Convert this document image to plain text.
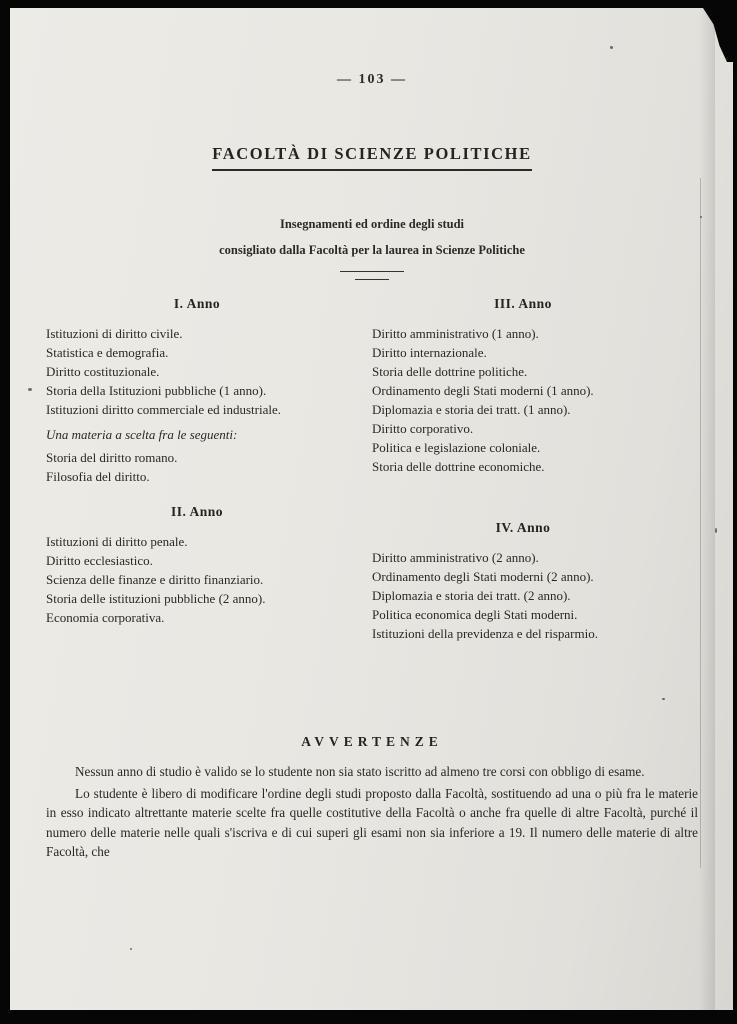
— 103 —
FACOLTÀ DI SCIENZE POLITICHE
Insegnamenti ed ordine degli studi
consigliato dalla Facoltà per la laurea in Scienze Politiche
I. Anno

Istituzioni di diritto civile.

Statistica e demografia.

Diritto costituzionale.

Storia della Istituzioni pubbliche (1 anno).

Istituzioni diritto commerciale ed industriale.

Una materia a scelta fra le seguenti:

Storia del diritto romano.

Filosofia del diritto.

II. Anno

Istituzioni di diritto penale.

Diritto ecclesiastico.

Scienza delle finanze e diritto finanziario.

Storia delle istituzioni pubbliche (2 anno).

Economia corporativa.

III. Anno

Diritto amministrativo (1 anno).

Diritto internazionale.

Storia delle dottrine politiche.

Ordinamento degli Stati moderni (1 anno).

Diplomazia e storia dei tratt. (1 anno).

Diritto corporativo.

Politica e legislazione coloniale.

Storia delle dottrine economiche.

IV. Anno

Diritto amministrativo (2 anno).

Ordinamento degli Stati moderni (2 anno).

Diplomazia e storia dei tratt. (2 anno).

Politica economica degli Stati moderni.

Istituzioni della previdenza e del risparmio.

AVVERTENZE

Nessun anno di studio è valido se lo studente non sia stato iscritto ad almeno tre corsi con obbligo di esame.

Lo studente è libero di modificare l'ordine degli studi proposto dalla Facoltà, sostituendo ad una o più fra le materie in esso indicato altrettante materie scelte fra quelle costitutive della Facoltà o anche fra quelle di altre Facoltà, purché il numero delle materie nelle quali s'iscriva e di cui superi gli esami non sia inferiore a 19. Il numero delle materie di altre Facoltà, che
